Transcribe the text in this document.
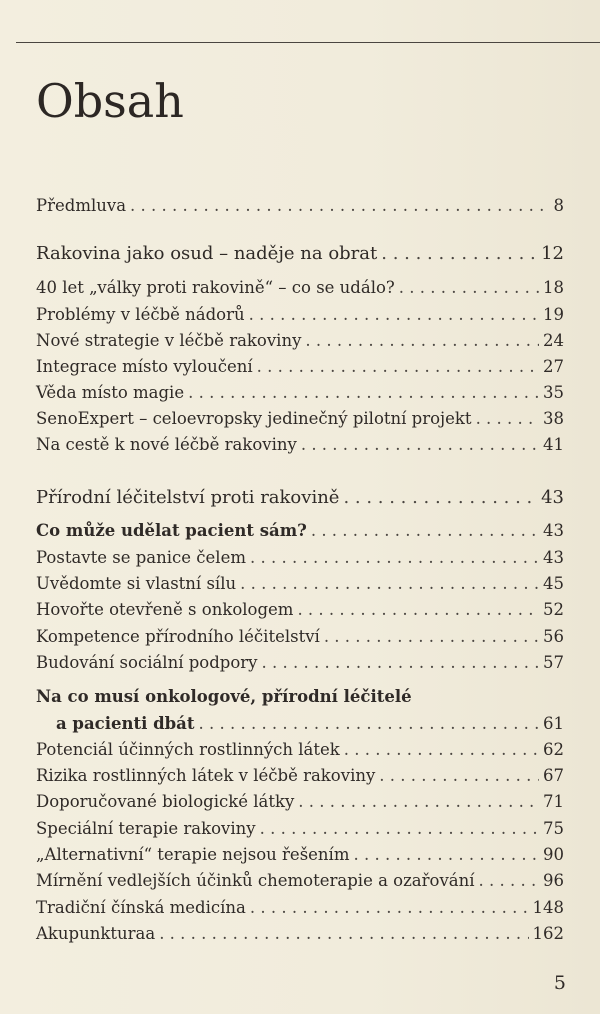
Obsah
Předmluva . . .	8
Rakovina jako osud – naděje na obrat . . .	12
40 let „války proti rakovině“ – co se událo? . . .	18
Problémy v léčbě nádorů . . .	19
Nové strategie v léčbě rakoviny . . .	24
Integrace místo vyloučení . . .	27
Věda místo magie . . .	35
SenoExpert – celoevropsky jedinečný pilotní projekt . . .	38
Na cestě k nové léčbě rakoviny . . .	41
Přírodní léčitelství proti rakovině . . .	43
Co může udělat pacient sám? . . .	43
Postavte se panice čelem . . .	43
Uvědomte si vlastní sílu . . .	45
Hovořte otevřeně s onkologem . . .	52
Kompetence přírodního léčitelství . . .	56
Budování sociální podpory . . .	57
Na co musí onkologové, přírodní léčitelé
a pacienti dbát . . .	61
Potenciál účinných rostlinných látek . . .	62
Rizika rostlinných látek v léčbě rakoviny . . .	67
Doporučované biologické látky . . .	71
Speciální terapie rakoviny . . .	75
„Alternativní“ terapie nejsou řešením . . .	90
Mírnění vedlejších účinků chemoterapie a ozařování . . .	96
Tradiční čínská medicína . . .	148
Akupunkturaa . . .	162
5
